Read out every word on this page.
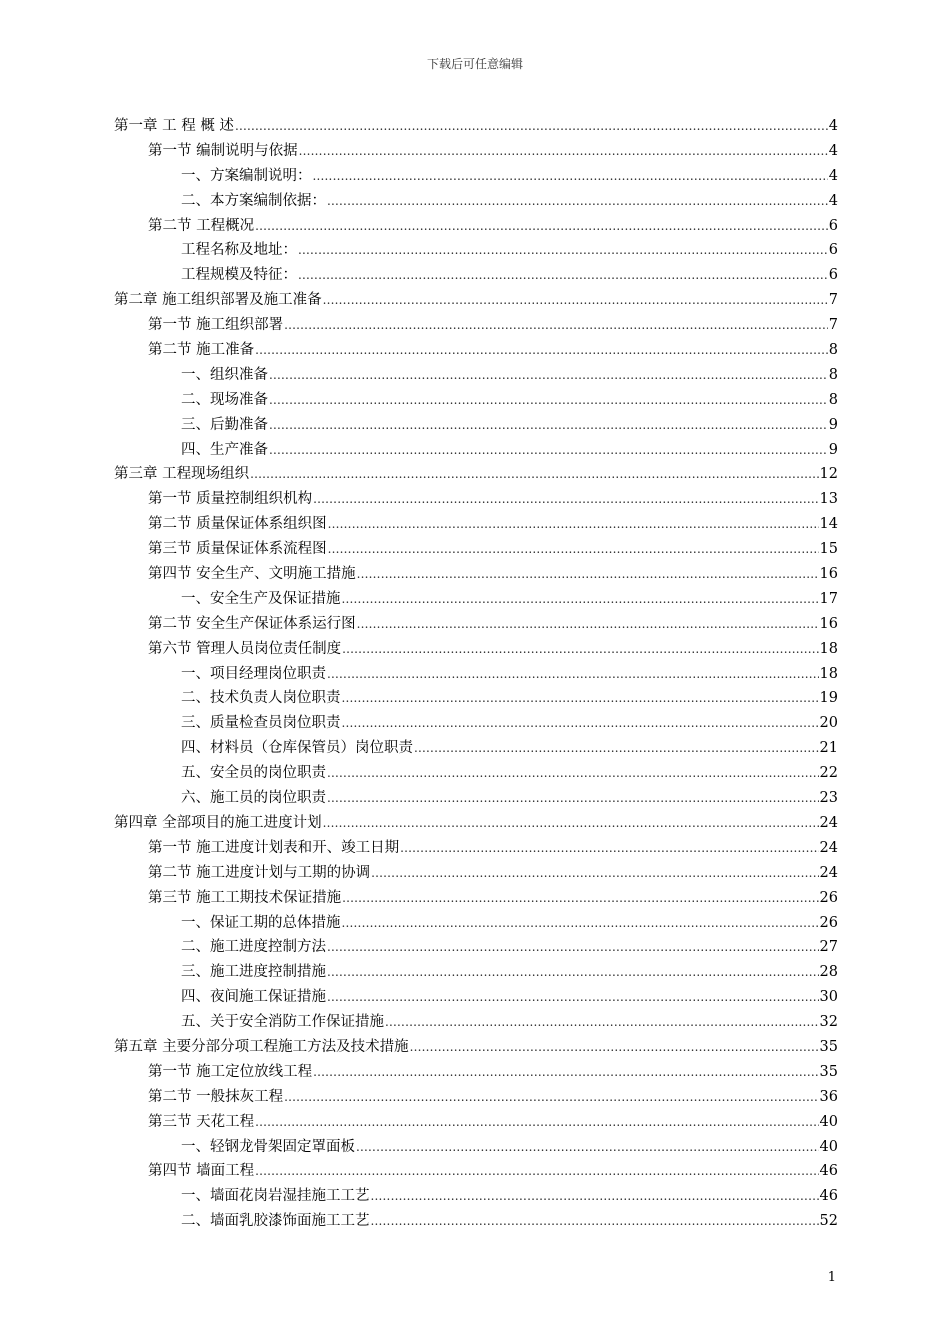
下载后可任意编辑
第一章 工 程 概 述 .....	4
第一节 编制说明与依据 .....	4
一、方案编制说明： .....	4
二、本方案编制依据： .....	4
第二节 工程概况 .....	6
工程名称及地址： .....	6
工程规模及特征： .....	6
第二章 施工组织部署及施工准备 .....	7
第一节 施工组织部署 .....	7
第二节 施工准备 .....	8
一、组织准备 .....	8
二、现场准备 .....	8
三、后勤准备 .....	9
四、生产准备 .....	9
第三章 工程现场组织 .....	12
第一节 质量控制组织机构 .....	13
第二节 质量保证体系组织图 .....	14
第三节 质量保证体系流程图 .....	15
第四节 安全生产、文明施工措施 .....	16
一、安全生产及保证措施 .....	17
第二节 安全生产保证体系运行图 .....	16
第六节 管理人员岗位责任制度 .....	18
一、项目经理岗位职责 .....	18
二、技术负责人岗位职责 .....	19
三、质量检查员岗位职责 .....	20
四、材料员（仓库保管员）岗位职责 .....	21
五、安全员的岗位职责 .....	22
六、施工员的岗位职责 .....	23
第四章 全部项目的施工进度计划 .....	24
第一节 施工进度计划表和开、竣工日期 .....	24
第二节 施工进度计划与工期的协调 .....	24
第三节 施工工期技术保证措施 .....	26
一、保证工期的总体措施 .....	26
二、施工进度控制方法 .....	27
三、施工进度控制措施 .....	28
四、夜间施工保证措施 .....	30
五、关于安全消防工作保证措施 .....	32
第五章 主要分部分项工程施工方法及技术措施 .....	35
第一节 施工定位放线工程 .....	35
第二节 一般抹灰工程 .....	36
第三节 天花工程 .....	40
一、轻钢龙骨架固定罩面板 .....	40
第四节 墙面工程 .....	46
一、墙面花岗岩湿挂施工工艺 .....	46
二、墙面乳胶漆饰面施工工艺 .....	52
1
